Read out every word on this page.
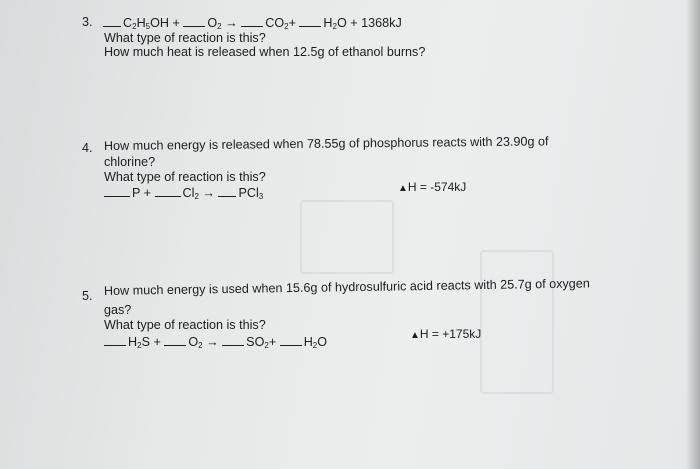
3.	$C_2H_5OH + O_2 \to CO_2+ H_2O + 1368kJ$
What type of reaction is this?
How much heat is released when 12.5g of ethanol burns?
4. How much energy is released when 78.55g of phosphorus reacts with 23.90g of
chlorine?
What type of reaction is this?
P +	$Cl_2 \to PCl_3$
▲H = -574kJ
5. How much energy is used when 15.6g of hydrosulfuric acid reacts with 25.7g of oxygen
gas?
What type of reaction is this?
$H_2S + O_2 \to SO_2+ H_2O$	▲H = +175kJ
